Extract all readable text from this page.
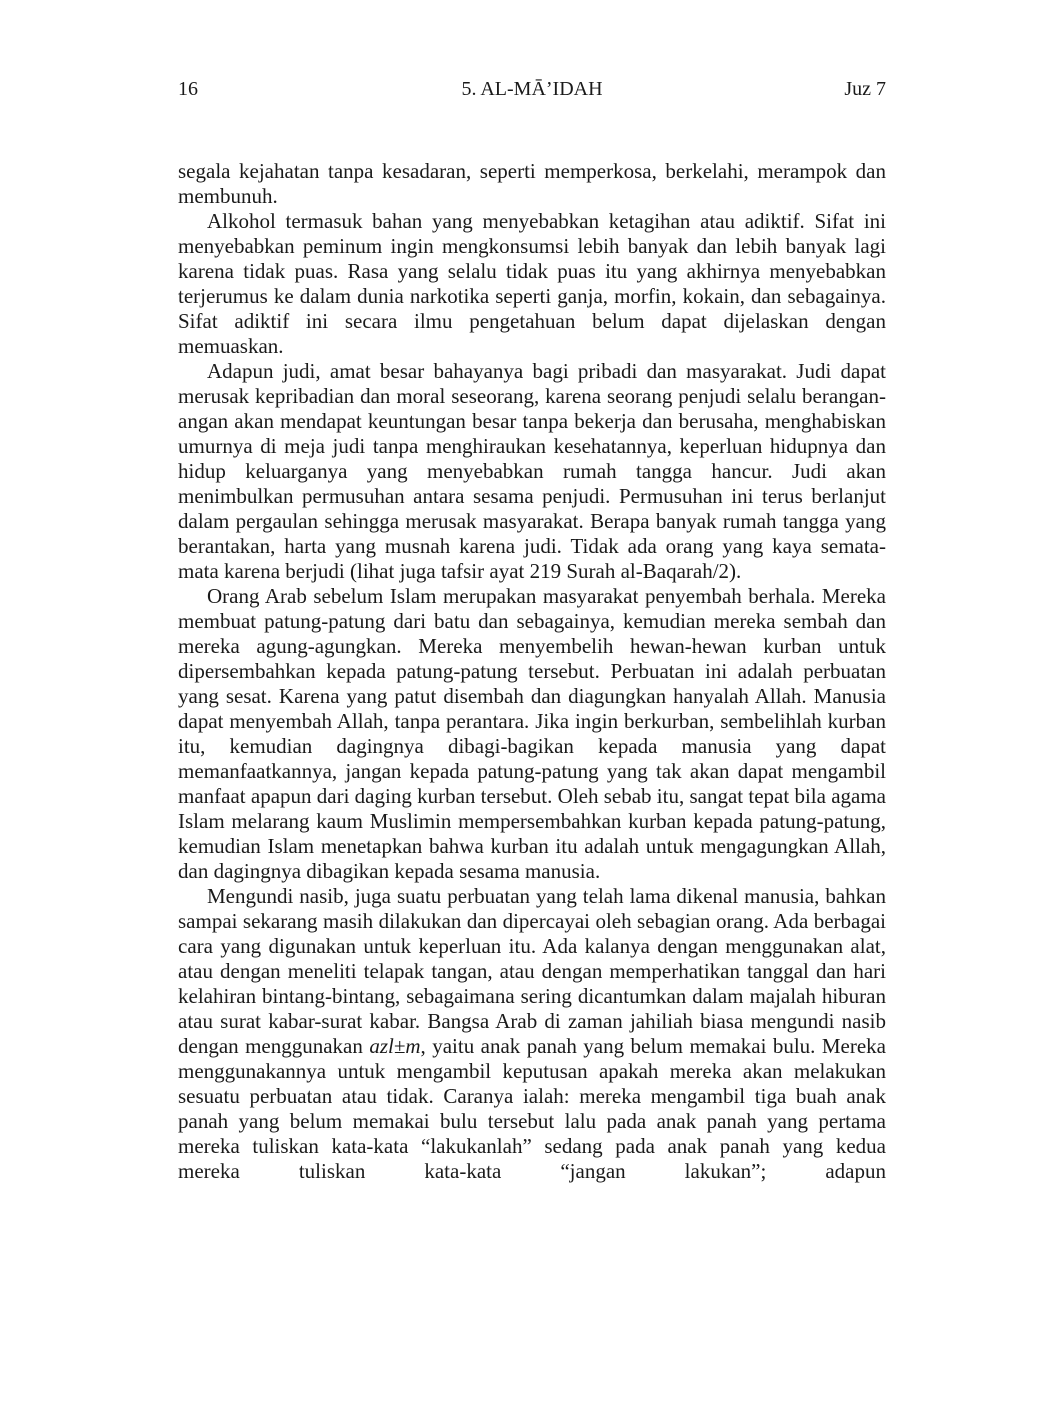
16	5. AL-MĀ’IDAH	Juz 7

segala kejahatan tanpa kesadaran, seperti memperkosa, berkelahi, merampok dan membunuh.

Alkohol termasuk bahan yang menyebabkan ketagihan atau adiktif. Sifat ini menyebabkan peminum ingin mengkonsumsi lebih banyak dan lebih banyak lagi karena tidak puas. Rasa yang selalu tidak puas itu yang akhirnya menyebabkan terjerumus ke dalam dunia narkotika seperti ganja, morfin, kokain, dan sebagainya. Sifat adiktif ini secara ilmu pengetahuan belum dapat dijelaskan dengan memuaskan.

Adapun judi, amat besar bahayanya bagi pribadi dan masyarakat. Judi dapat merusak kepribadian dan moral seseorang, karena seorang penjudi selalu berangan-angan akan mendapat keuntungan besar tanpa bekerja dan berusaha, menghabiskan umurnya di meja judi tanpa menghiraukan kesehatannya, keperluan hidupnya dan hidup keluarganya yang menyebabkan rumah tangga hancur. Judi akan menimbulkan permusuhan antara sesama penjudi. Permusuhan ini terus berlanjut dalam pergaulan sehingga merusak masyarakat. Berapa banyak rumah tangga yang berantakan, harta yang musnah karena judi. Tidak ada orang yang kaya semata-mata karena berjudi (lihat juga tafsir ayat 219 Surah al-Baqarah/2).

Orang Arab sebelum Islam merupakan masyarakat penyembah berhala. Mereka membuat patung-patung dari batu dan sebagainya, kemudian mereka sembah dan mereka agung-agungkan. Mereka menyembelih hewan-hewan kurban untuk dipersembahkan kepada patung-patung tersebut. Perbuatan ini adalah perbuatan yang sesat. Karena yang patut disembah dan diagungkan hanyalah Allah. Manusia dapat menyembah Allah, tanpa perantara. Jika ingin berkurban, sembelihlah kurban itu, kemudian dagingnya dibagi-bagikan kepada manusia yang dapat memanfaatkannya, jangan kepada patung-patung yang tak akan dapat mengambil manfaat apapun dari daging kurban tersebut. Oleh sebab itu, sangat tepat bila agama Islam melarang kaum Muslimin mempersembahkan kurban kepada patung-patung, kemudian Islam menetapkan bahwa kurban itu adalah untuk mengagungkan Allah, dan dagingnya dibagikan kepada sesama manusia.

Mengundi nasib, juga suatu perbuatan yang telah lama dikenal manusia, bahkan sampai sekarang masih dilakukan dan dipercayai oleh sebagian orang. Ada berbagai cara yang digunakan untuk keperluan itu. Ada kalanya dengan menggunakan alat, atau dengan meneliti telapak tangan, atau dengan memperhatikan tanggal dan hari kelahiran bintang-bintang, sebagaimana sering dicantumkan dalam majalah hiburan atau surat kabar-surat kabar. Bangsa Arab di zaman jahiliah biasa mengundi nasib dengan menggunakan azl±m, yaitu anak panah yang belum memakai bulu. Mereka menggunakannya untuk mengambil keputusan apakah mereka akan melakukan sesuatu perbuatan atau tidak. Caranya ialah: mereka mengambil tiga buah anak panah yang belum memakai bulu tersebut lalu pada anak panah yang pertama mereka tuliskan kata-kata “lakukanlah” sedang pada anak panah yang kedua mereka tuliskan kata-kata “jangan lakukan”; adapun
